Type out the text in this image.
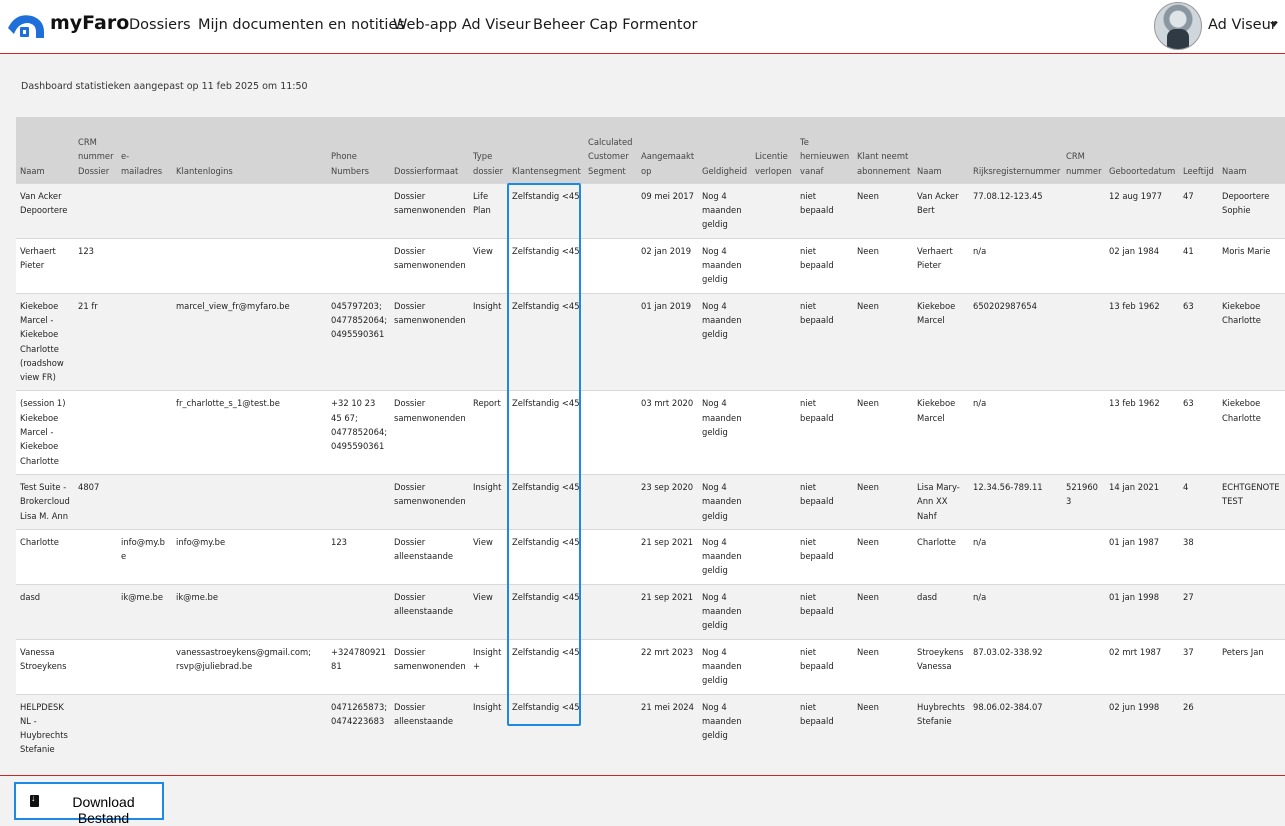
myFaro Dossiers Mijn documenten en notities
Web-app Ad Viseur Beheer Cap Formentor	Ad Viseur
Dashboard statistieken aangepast op 11 feb 2025 om 11:50
Naam	CRM nummer Dossier	e-mailadres	Klantenlogins	Phone Numbers	Dossierformaat	Type dossier	Klantensegment	Calculated Customer Segment	Aangemaakt op	Geldigheid	Licentie verlopen	Te hernieuwen vanaf	Klant neemt abonnement	Naam	Rijksregisternummer	CRM nummer	Geboortedatum	Leeftijd	Naam
Van Acker Depoortere					Dossier samenwonenden	Life Plan	Zelfstandig <45		09 mei 2017	Nog 4 maanden geldig		niet bepaald	Neen	Van Acker Bert	77.08.12-123.45		12 aug 1977	47	Depoortere Sophie
Verhaert Pieter	123				Dossier samenwonenden	View	Zelfstandig <45		02 jan 2019	Nog 4 maanden geldig		niet bepaald	Neen	Verhaert Pieter	n/a		02 jan 1984	41	Moris Marie
Kiekeboe Marcel - Kiekeboe Charlotte (roadshow view FR)	21 fr		marcel_view_fr@myfaro.be	045797203; 0477852064; 0495590361	Dossier samenwonenden	Insight	Zelfstandig <45		01 jan 2019	Nog 4 maanden geldig		niet bepaald	Neen	Kiekeboe Marcel	650202987654		13 feb 1962	63	Kiekeboe Charlotte
(session 1) Kiekeboe Marcel - Kiekeboe Charlotte			fr_charlotte_s_1@test.be	+32 10 23 45 67; 0477852064; 0495590361	Dossier samenwonenden	Report	Zelfstandig <45		03 mrt 2020	Nog 4 maanden geldig		niet bepaald	Neen	Kiekeboe Marcel	n/a		13 feb 1962	63	Kiekeboe Charlotte
Test Suite - Brokercloud Lisa M. Ann	4807				Dossier samenwonenden	Insight	Zelfstandig <45		23 sep 2020	Nog 4 maanden geldig		niet bepaald	Neen	Lisa Mary-Ann XX Nahf	12.34.56-789.11	5219603	14 jan 2021	4	ECHTGENOTE TEST
Charlotte		info@my.be	info@my.be	123	Dossier alleenstaande	View	Zelfstandig <45		21 sep 2021	Nog 4 maanden geldig		niet bepaald	Neen	Charlotte	n/a		01 jan 1987	38	
dasd		ik@me.be	ik@me.be		Dossier alleenstaande	View	Zelfstandig <45		21 sep 2021	Nog 4 maanden geldig		niet bepaald	Neen	dasd	n/a		01 jan 1998	27	
Vanessa Stroeykens			vanessastroeykens@gmail.com; rsvp@juliebrad.be	+32478092181	Dossier samenwonenden	Insight+	Zelfstandig <45		22 mrt 2023	Nog 4 maanden geldig		niet bepaald	Neen	Stroeykens Vanessa	87.03.02-338.92		02 mrt 1987	37	Peters Jan
HELPDESK NL - Huybrechts Stefanie				0471265873; 0474223683	Dossier alleenstaande	Insight	Zelfstandig <45		21 mei 2024	Nog 4 maanden geldig		niet bepaald	Neen	Huybrechts Stefanie	98.06.02-384.07		02 jun 1998	26	
↓
Download Bestand
